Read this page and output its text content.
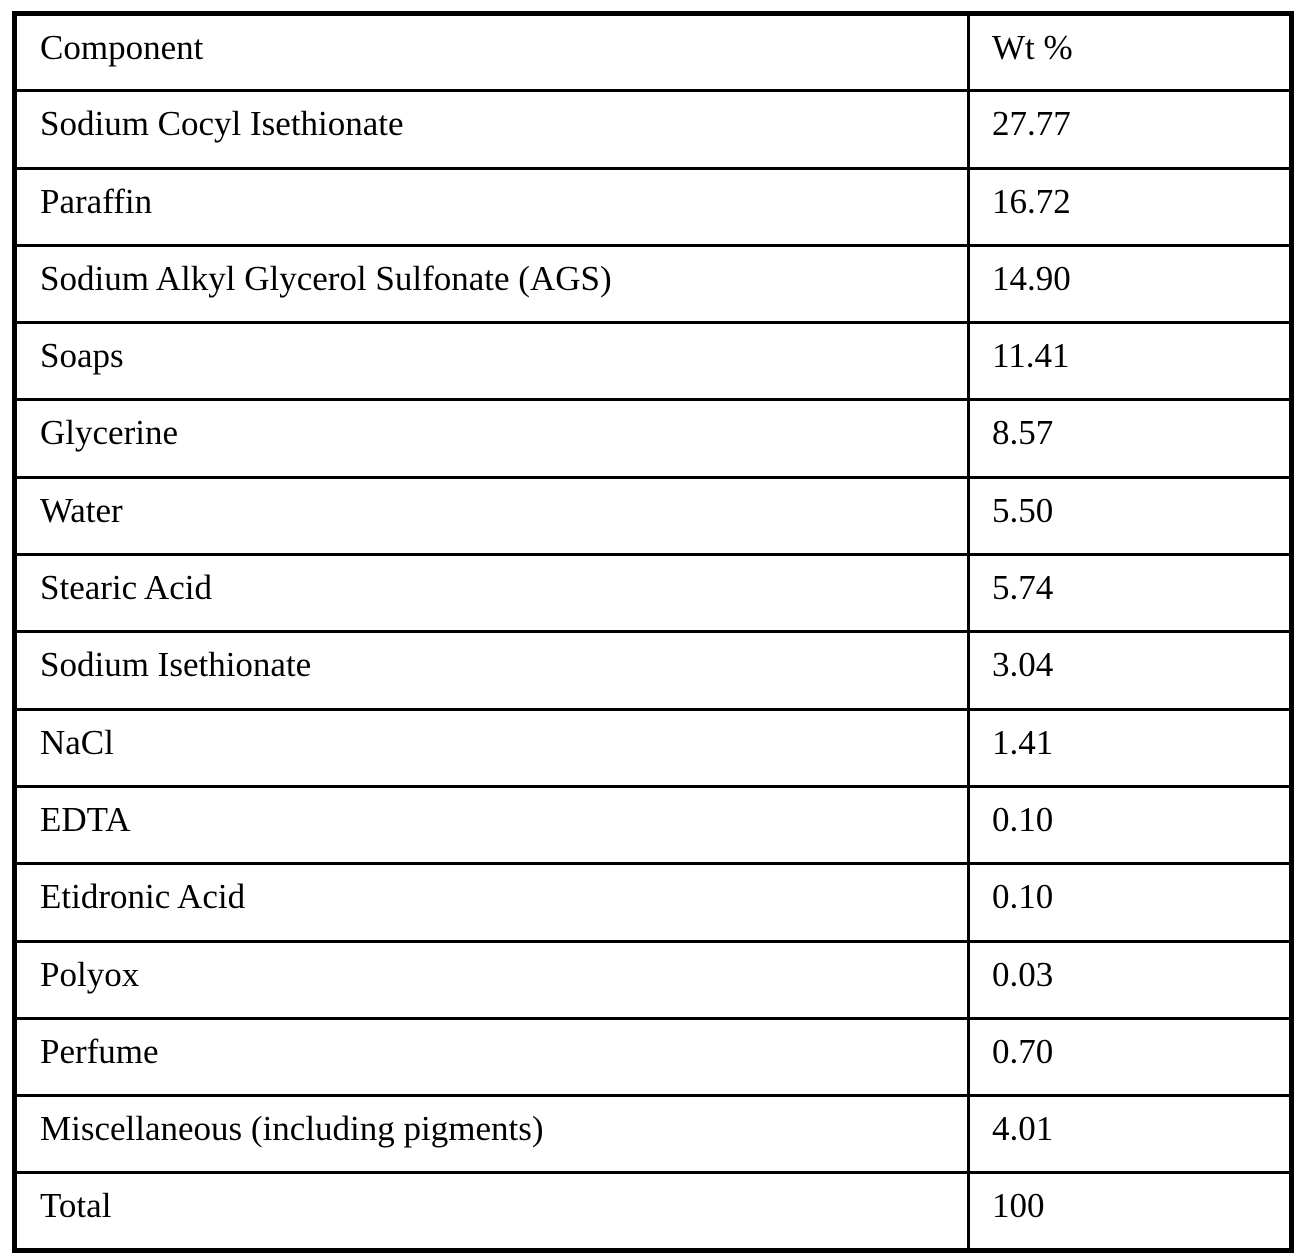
Component	Wt %
Sodium Cocyl Isethionate	27.77
Paraffin	16.72
Sodium Alkyl Glycerol Sulfonate (AGS)	14.90
Soaps	11.41
Glycerine	8.57
Water	5.50
Stearic Acid	5.74
Sodium Isethionate	3.04
NaCl	1.41
EDTA	0.10
Etidronic Acid	0.10
Polyox	0.03
Perfume	0.70
Miscellaneous (including pigments)	4.01
Total	100
